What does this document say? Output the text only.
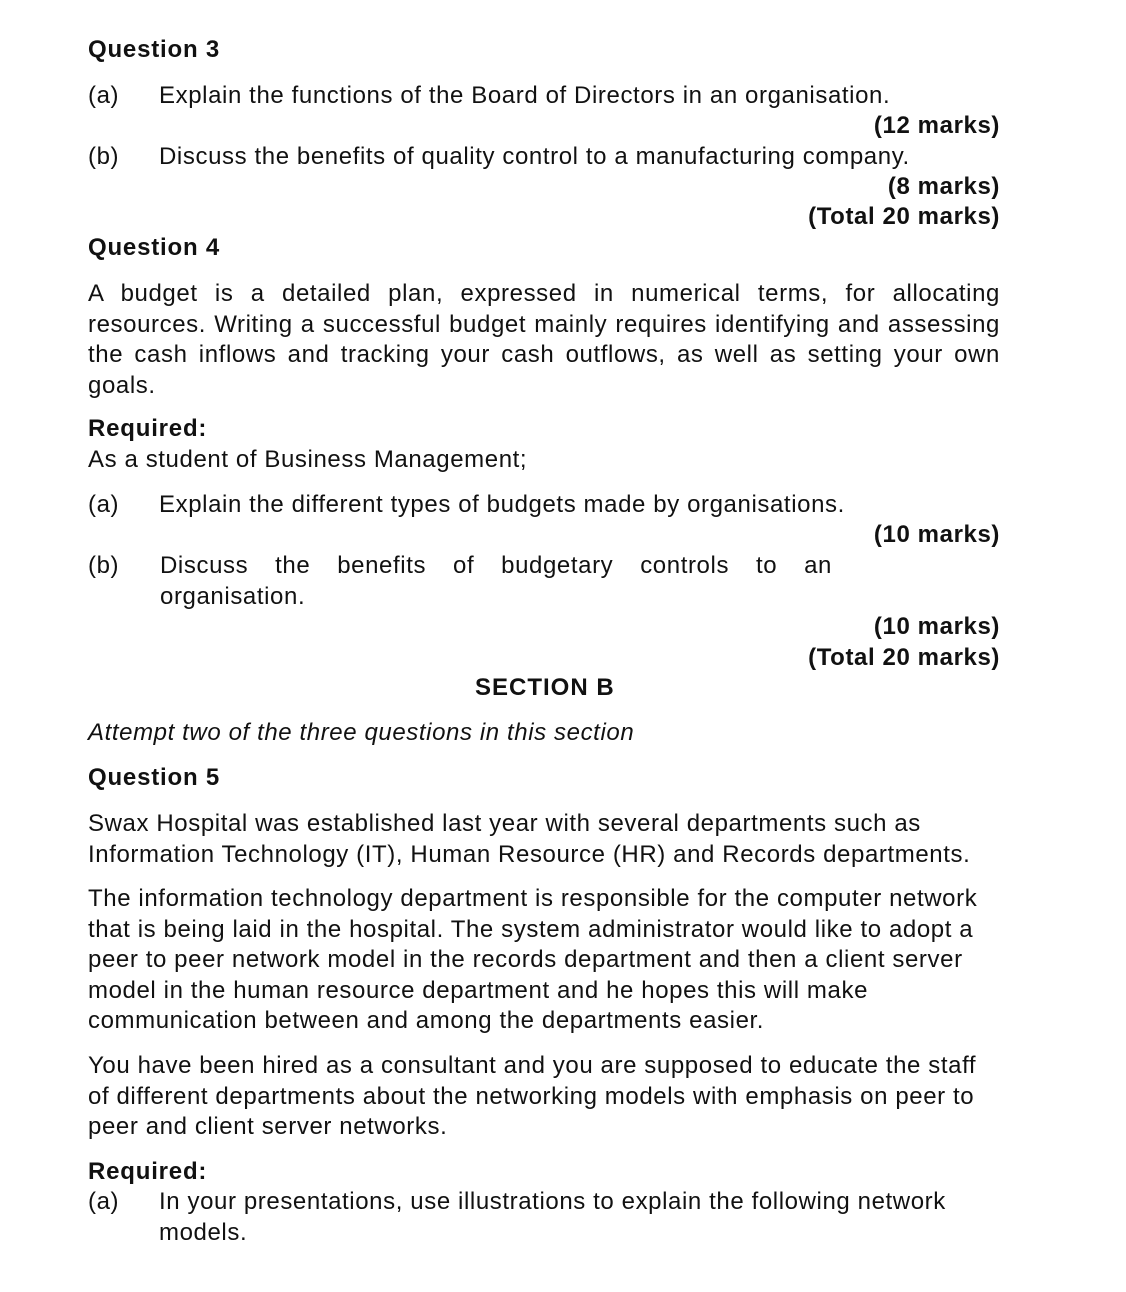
Question 3
(a) Explain the functions of the Board of Directors in an organisation.
(12 marks)
(b) Discuss the benefits of quality control to a manufacturing company.
(8 marks)
(Total 20 marks)
Question 4
A budget is a detailed plan, expressed in numerical terms, for allocating resources. Writing a successful budget mainly requires identifying and assessing the cash inflows and tracking your cash outflows, as well as setting your own goals.
Required:
As a student of Business Management;
(a) Explain the different types of budgets made by organisations.
(10 marks)
(b) Discuss the benefits of budgetary controls to an
organisation.
(10 marks)
(Total 20 marks)
SECTION B
Attempt two of the three questions in this section
Question 5
Swax Hospital was established last year with several departments such as Information Technology (IT), Human Resource (HR) and Records departments.
The information technology department is responsible for the computer network that is being laid in the hospital. The system administrator would like to adopt a peer to peer network model in the records department and then a client server model in the human resource department and he hopes this will make communication between and among the departments easier.
You have been hired as a consultant and you are supposed to educate the staff of different departments about the networking models with emphasis on peer to peer and client server networks.
Required:
(a) In your presentations, use illustrations to explain the following network
models.
